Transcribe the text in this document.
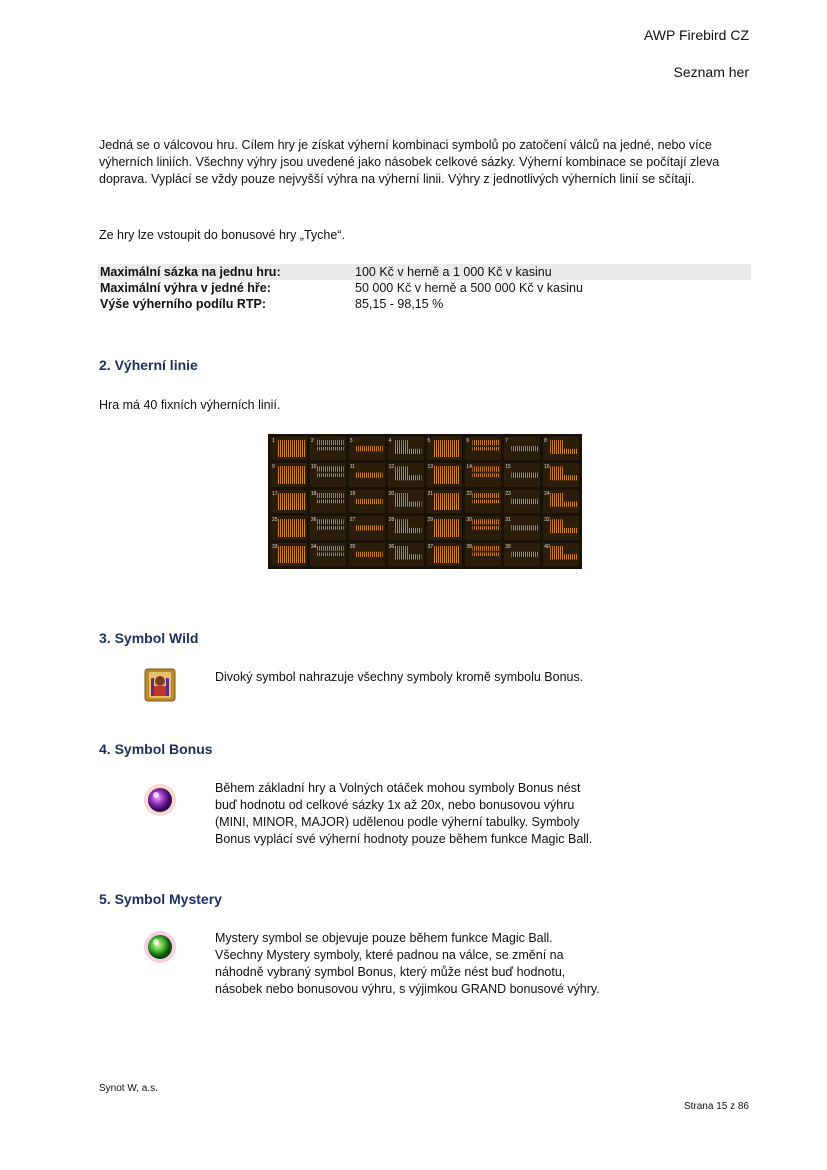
AWP Firebird CZ
Seznam her
Jedná se o válcovou hru. Cílem hry je získat výherní kombinaci symbolů po zatočení válců na jedné, nebo více výherních liniích. Všechny výhry jsou uvedené jako násobek celkové sázky. Výherní kombinace se počítají zleva doprava. Vyplácí se vždy pouze nejvyšší výhra na výherní linii. Výhry z jednotlivých výherních linií se sčítají.
Ze hry lze vstoupit do bonusové hry „Tyche“.
Maximální sázka na jednu hru:	100 Kč v herně a 1 000 Kč v kasinu
Maximální výhra v jedné hře:	50 000 Kč v herně a 500 000 Kč v kasinu
Výše výherního podílu RTP:	85,15 - 98,15 %
2. Výherní linie
Hra má 40 fixních výherních linií.
1	2	3	4	5	6	7	8
9	10	11	12	13	14	15	16
17	18	19	20	21	22	23	24
25	26	27	28	29	30	31	32
33	34	35	36	37	38	39	40
3. Symbol Wild
Divoký symbol nahrazuje všechny symboly kromě symbolu Bonus.
4. Symbol Bonus
Během základní hry a Volných otáček mohou symboly Bonus nést
buď hodnotu od celkové sázky 1x až 20x, nebo bonusovou výhru
(MINI, MINOR, MAJOR) udělenou podle výherní tabulky. Symboly
Bonus vyplácí své výherní hodnoty pouze během funkce Magic Ball.
5. Symbol Mystery
Mystery symbol se objevuje pouze během funkce Magic Ball.
Všechny Mystery symboly, které padnou na válce, se změní na
náhodně vybraný symbol Bonus, který může nést buď hodnotu,
násobek nebo bonusovou výhru, s výjimkou GRAND bonusové výhry.
Synot W, a.s.
Strana 15 z 86
